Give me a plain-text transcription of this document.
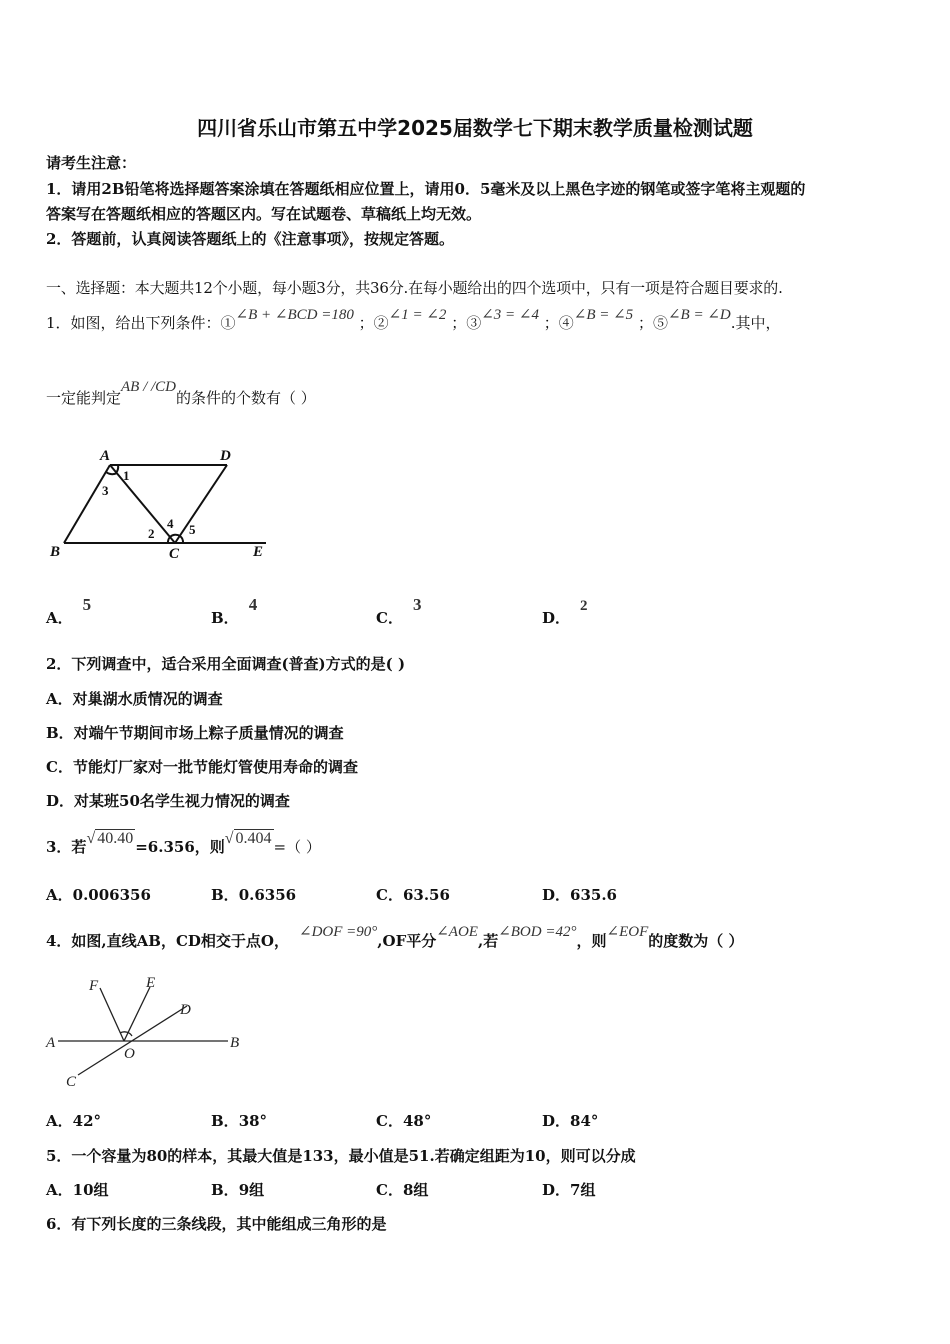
四川省乐山市第五中学2025届数学七下期末教学质量检测试题
请考生注意：
1．请用2B铅笔将选择题答案涂填在答题纸相应位置上，请用0．5毫米及以上黑色字迹的钢笔或签字笔将主观题的
答案写在答题纸相应的答题区内。写在试题卷、草稿纸上均无效。
2．答题前，认真阅读答题纸上的《注意事项》，按规定答题。
一、选择题：本大题共12个小题，每小题3分，共36分.在每小题给出的四个选项中，只有一项是符合题目要求的.
1．如图，给出下列条件：①∠B + ∠BCD =180 ；②∠1 = ∠2 ；③∠3 = ∠4 ；④∠B = ∠5 ；⑤∠B = ∠D.其中，
一定能判定AB / /CD的条件的个数有（ ）
A	D
B	C	E
1
2
3
4 5
A．5
B．4
C．3
D．2
2．下列调查中，适合采用全面调查(普查)方式的是( )
A．对巢湖水质情况的调查
B．对端午节期间市场上粽子质量情况的调查
C．节能灯厂家对一批节能灯管使用寿命的调查
D．对某班50名学生视力情况的调查
3．若√ 40.40 =6.356，则√ 0.404 =（ ）
A．0.006356	B．0.6356	C．63.56	D．635.6
4．如图,直线AB，CD相交于点O， ∠DOF =90°,OF平分∠AOE,若∠BOD =42°，则∠EOF的度数为（ ）
A	B
C
D
E
F
O
A．42°	B．38°	C．48°	D．84°
5．一个容量为80的样本，其最大值是133，最小值是51.若确定组距为10，则可以分成
A．10组	B．9组	C．8组	D．7组
6．有下列长度的三条线段，其中能组成三角形的是
